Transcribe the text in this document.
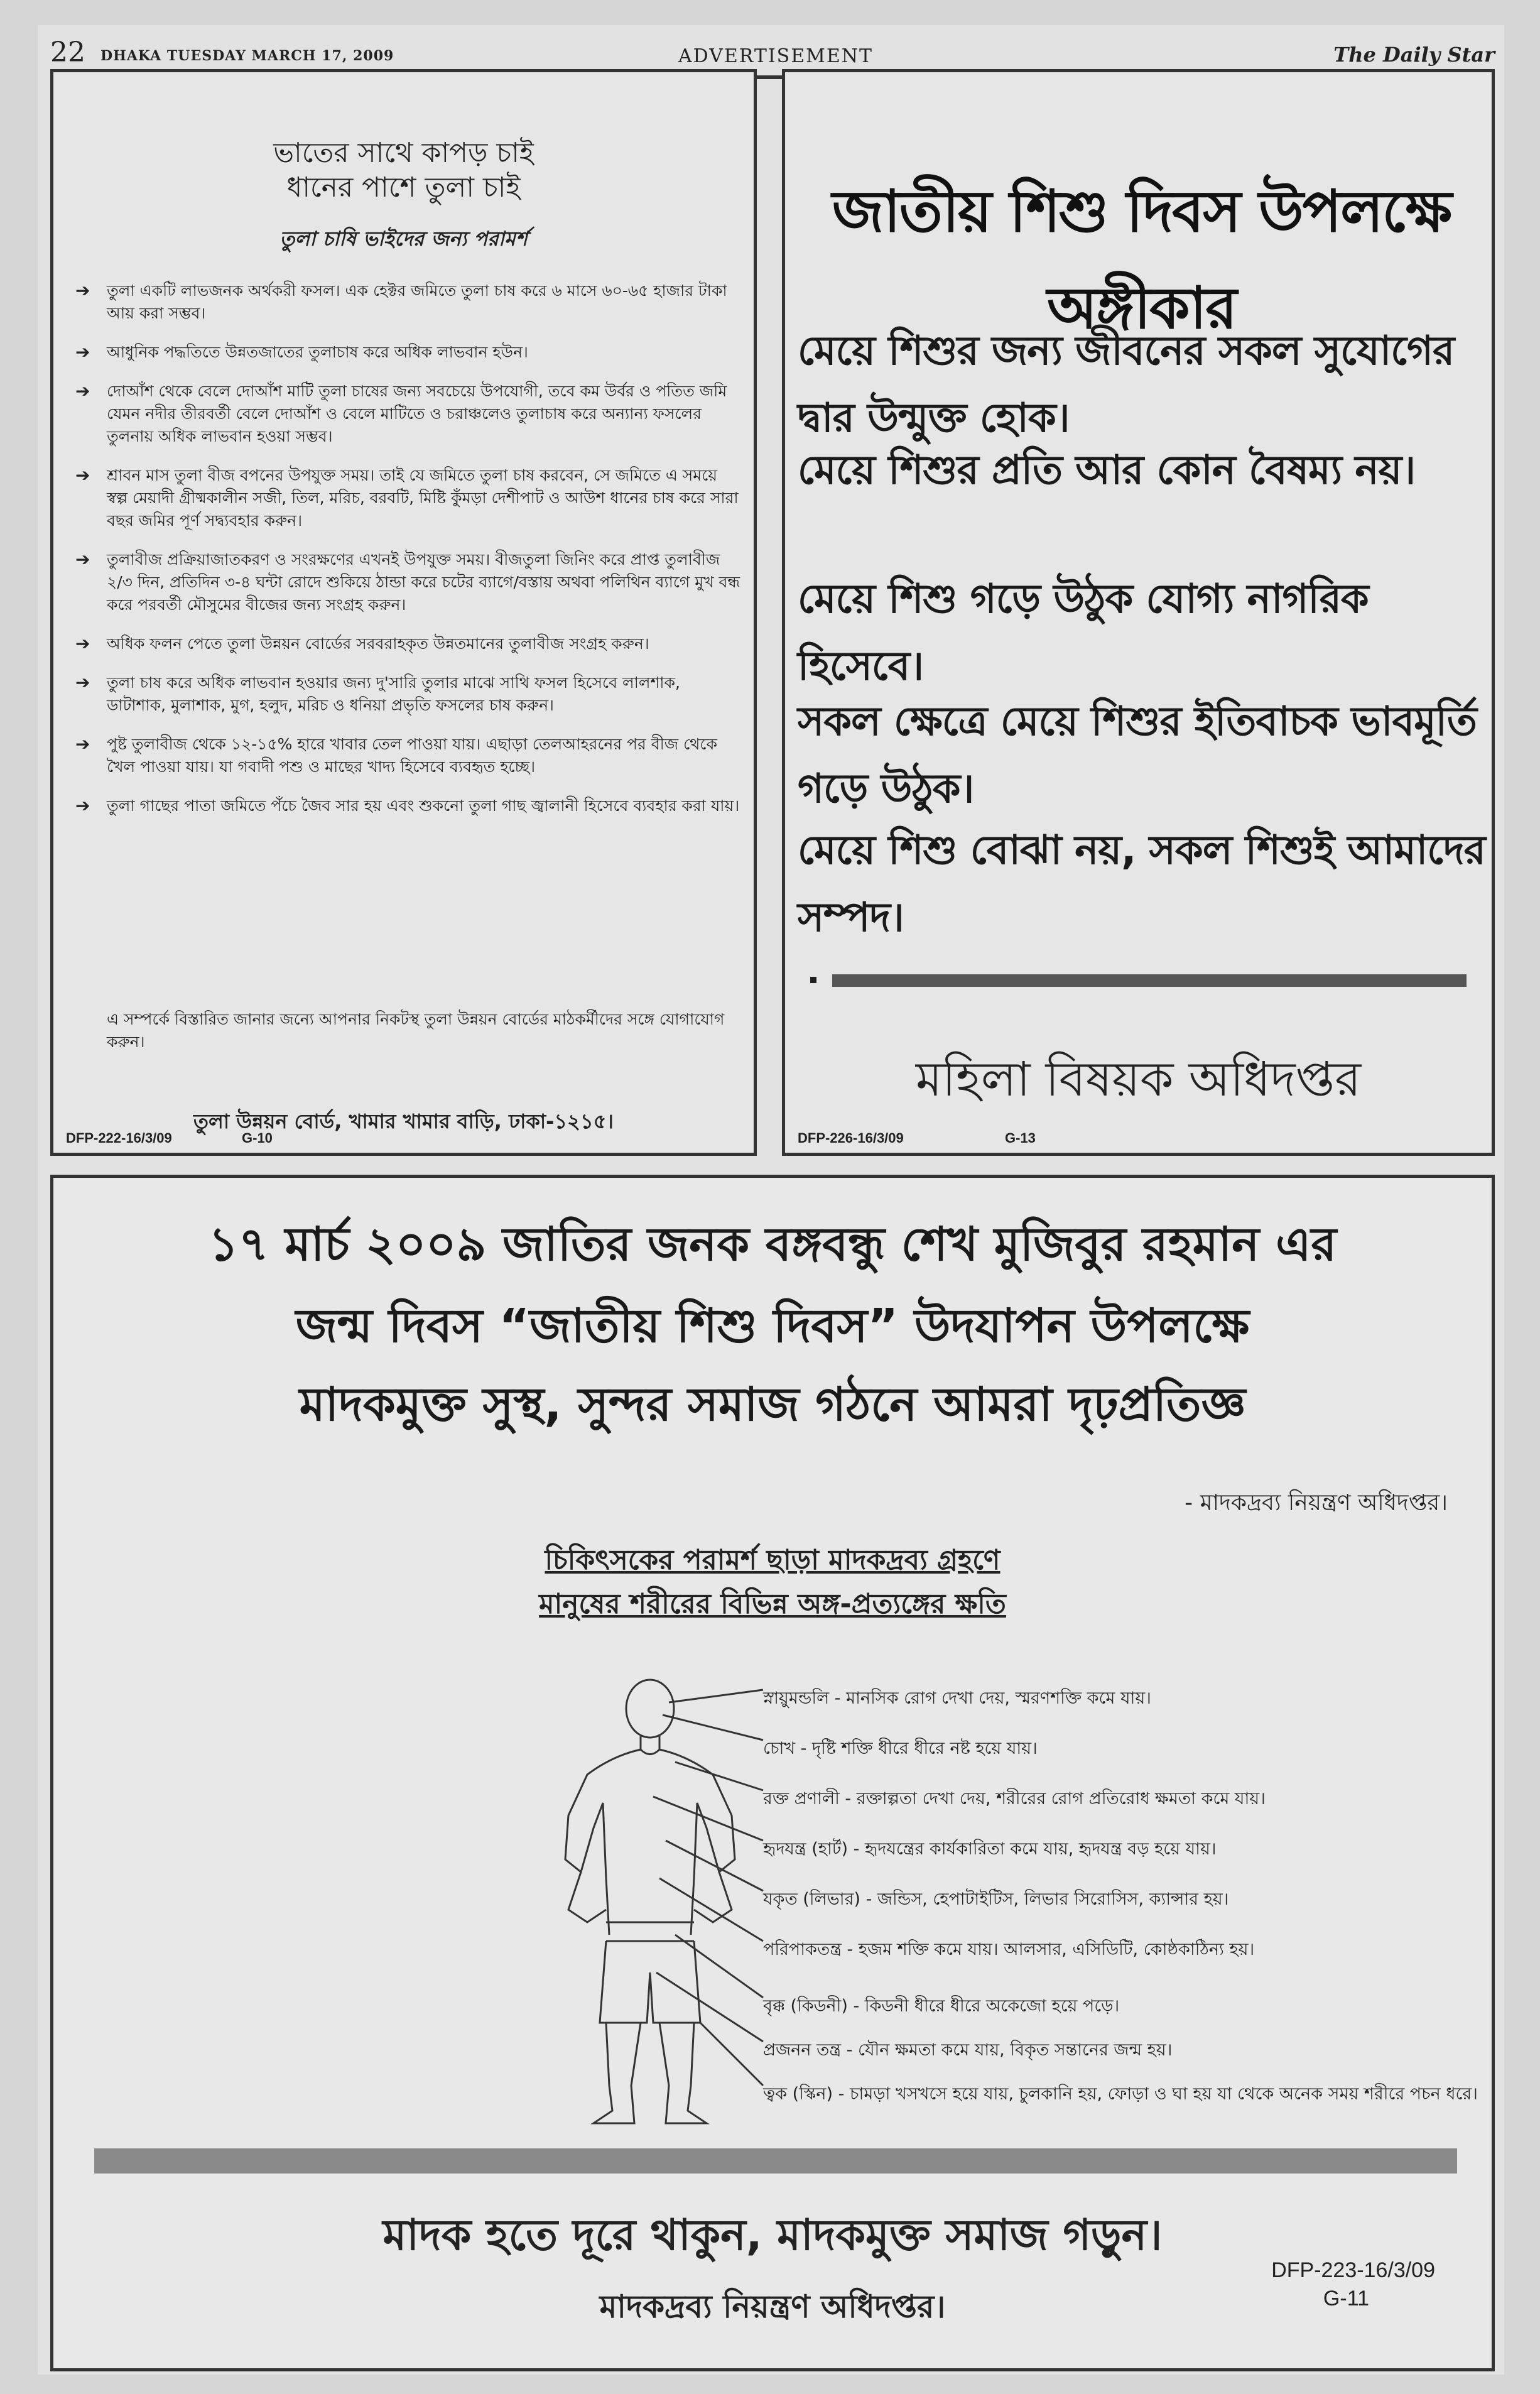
22 DHAKA TUESDAY MARCH 17, 2009	ADVERTISEMENT	The Daily Star
ভাতের সাথে কাপড় চাই
ধানের পাশে তুলা চাই
তুলা চাষি ভাইদের জন্য পরামর্শ
➔ তুলা একটি লাভজনক অর্থকরী ফসল। এক হেক্টর জমিতে তুলা চাষ করে ৬ মাসে ৬০-৬৫ হাজার টাকা আয় করা সম্ভব।
➔ আধুনিক পদ্ধতিতে উন্নতজাতের তুলাচাষ করে অধিক লাভবান হউন।
➔ দোআঁশ থেকে বেলে দোআঁশ মাটি তুলা চাষের জন্য সবচেয়ে উপযোগী, তবে কম উর্বর ও পতিত জমি যেমন নদীর তীরবর্তী বেলে দোআঁশ ও বেলে মাটিতে ও চরাঞ্চলেও তুলাচাষ করে অন্যান্য ফসলের তুলনায় অধিক লাভবান হওয়া সম্ভব।
➔ শ্রাবন মাস তুলা বীজ বপনের উপযুক্ত সময়। তাই যে জমিতে তুলা চাষ করবেন, সে জমিতে এ সময়ে স্বল্প মেয়াদী গ্রীষ্মকালীন সজী, তিল, মরিচ, বরবটি, মিষ্টি কুঁমড়া দেশীপাট ও আউশ ধানের চাষ করে সারা বছর জমির পূর্ণ সদ্ব্যবহার করুন।
➔ তুলাবীজ প্রক্রিয়াজাতকরণ ও সংরক্ষণের এখনই উপযুক্ত সময়। বীজতুলা জিনিং করে প্রাপ্ত তুলাবীজ ২/৩ দিন, প্রতিদিন ৩-৪ ঘন্টা রোদে শুকিয়ে ঠান্ডা করে চটের ব্যাগে/বস্তায় অথবা পলিথিন ব্যাগে মুখ বন্ধ করে পরবর্তী মৌসুমের বীজের জন্য সংগ্রহ করুন।
➔ অধিক ফলন পেতে তুলা উন্নয়ন বোর্ডের সরবরাহকৃত উন্নতমানের তুলাবীজ সংগ্রহ করুন।
➔ তুলা চাষ করে অধিক লাভবান হওয়ার জন্য দু'সারি তুলার মাঝে সাথি ফসল হিসেবে লালশাক, ডাটাশাক, মুলাশাক, মুগ, হলুদ, মরিচ ও ধনিয়া প্রভৃতি ফসলের চাষ করুন।
➔ পুষ্ট তুলাবীজ থেকে ১২-১৫% হারে খাবার তেল পাওয়া যায়। এছাড়া তেলআহরনের পর বীজ থেকে খৈল পাওয়া যায়। যা গবাদী পশু ও মাছের খাদ্য হিসেবে ব্যবহৃত হচ্ছে।
➔ তুলা গাছের পাতা জমিতে পঁচে জৈব সার হয় এবং শুকনো তুলা গাছ জ্বালানী হিসেবে ব্যবহার করা যায়।
এ সম্পর্কে বিস্তারিত জানার জন্যে আপনার নিকটস্থ তুলা উন্নয়ন বোর্ডের মাঠকর্মীদের সঙ্গে যোগাযোগ করুন।
তুলা উন্নয়ন বোর্ড, খামার খামার বাড়ি, ঢাকা-১২১৫।
DFP-222-16/3/09	G-10
জাতীয় শিশু দিবস উপলক্ষে অঙ্গীকার
মেয়ে শিশুর জন্য জীবনের সকল সুযোগের দ্বার উন্মুক্ত হোক।
মেয়ে শিশুর প্রতি আর কোন বৈষম্য নয়।
মেয়ে শিশু গড়ে উঠুক যোগ্য নাগরিক হিসেবে।
সকল ক্ষেত্রে মেয়ে শিশুর ইতিবাচক ভাবমূর্তি গড়ে উঠুক।
মেয়ে শিশু বোঝা নয়, সকল শিশুই আমাদের সম্পদ।
মহিলা বিষয়ক অধিদপ্তর
DFP-226-16/3/09	G-13
১৭ মার্চ ২০০৯ জাতির জনক বঙ্গবন্ধু শেখ মুজিবুর রহমান এর
জন্ম দিবস “জাতীয় শিশু দিবস” উদযাপন উপলক্ষে
মাদকমুক্ত সুস্থ, সুন্দর সমাজ গঠনে আমরা দৃঢ়প্রতিজ্ঞ
- মাদকদ্রব্য নিয়ন্ত্রণ অধিদপ্তর।
চিকিৎসকের পরামর্শ ছাড়া মাদকদ্রব্য গ্রহণে
মানুষের শরীরের বিভিন্ন অঙ্গ-প্রত্যঙ্গের ক্ষতি
স্নায়ুমন্ডলি - মানসিক রোগ দেখা দেয়, স্মরণশক্তি কমে যায়।
চোখ - দৃষ্টি শক্তি ধীরে ধীরে নষ্ট হয়ে যায়।
রক্ত প্রণালী - রক্তাল্পতা দেখা দেয়, শরীরের রোগ প্রতিরোধ ক্ষমতা কমে যায়।
হৃদযন্ত্র (হার্ট) - হৃদযন্ত্রের কার্যকারিতা কমে যায়, হৃদযন্ত্র বড় হয়ে যায়।
যকৃত (লিভার) - জন্ডিস, হেপাটাইটিস, লিভার সিরোসিস, ক্যান্সার হয়।
পরিপাকতন্ত্র - হজম শক্তি কমে যায়। আলসার, এসিডিটি, কোষ্ঠকাঠিন্য হয়।
বৃক্ক (কিডনী) - কিডনী ধীরে ধীরে অকেজো হয়ে পড়ে।
প্রজনন তন্ত্র - যৌন ক্ষমতা কমে যায়, বিকৃত সন্তানের জন্ম হয়।
ত্বক (স্কিন) - চামড়া খসখসে হয়ে যায়, চুলকানি হয়, ফোড়া ও ঘা হয় যা থেকে অনেক সময় শরীরে পচন ধরে।
মাদক হতে দূরে থাকুন, মাদকমুক্ত সমাজ গড়ুন।
মাদকদ্রব্য নিয়ন্ত্রণ অধিদপ্তর।
DFP-223-16/3/09
G-11
